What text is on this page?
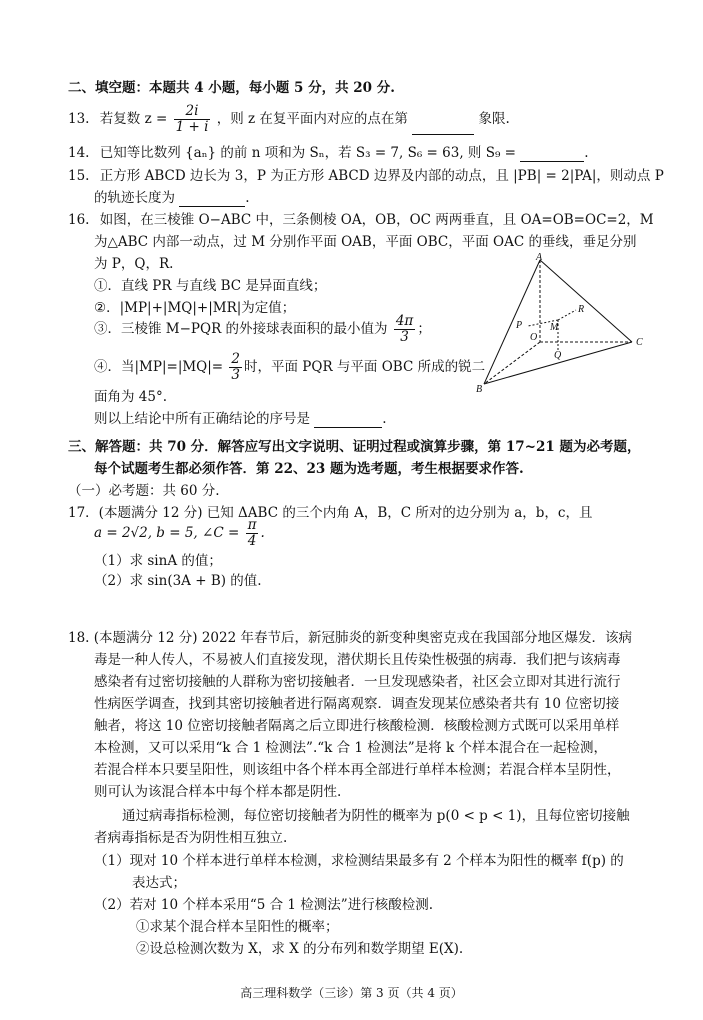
二、填空题：本题共 4 小题，每小题 5 分，共 20 分.
13. 若复数 $z = \frac{2i}{1 + i}$ ，则 z 在复平面内对应的点在第	象限.
14. 已知等比数列 {aₙ} 的前 n 项和为 Sₙ，若 S₃ = 7, S₆ = 63, 则 S₉ =	.
15. 正方形 ABCD 边长为 3，P 为正方形 ABCD 边界及内部的动点，且 |PB| = 2|PA|，则动点 P
的轨迹长度为	.
16. 如图，在三棱锥 O−ABC 中，三条侧棱 OA，OB，OC 两两垂直，且 OA=OB=OC=2，M
为△ABC 内部一动点，过 M 分别作平面 OAB，平面 OBC，平面 OAC 的垂线，垂足分别
为 P，Q，R.
①．直线 PR 与直线 BC 是异面直线；
②．|MP|+|MQ|+|MR|为定值；
③．三棱锥 M−PQR 的外接球表面积的最小值为 $\frac{4\pi}{3}$ ；
④．当$|MP|=|MQ|= \frac{2}{3}$ 时，平面 PQR 与平面 OBC 所成的锐二
面角为 45°.
则以上结论中所有正确结论的序号是	.
A
B
C
O
P
Q
R
M
三、解答题：共 70 分．解答应写出文字说明、证明过程或演算步骤，第 17~21 题为必考题，
每个试题考生都必须作答．第 22、23 题为选考题，考生根据要求作答.
（一）必考题：共 60 分.
17．(本题满分 12 分) 已知 ΔABC 的三个内角 A，B，C 所对的边分别为 a，b，c，且
a = 2√2, b = 5, ∠C = $\frac{\pi}{4}$ .
（1）求 sinA 的值；
（2）求 sin(3A + B) 的值.
18. (本题满分 12 分) 2022 年春节后，新冠肺炎的新变种奥密克戎在我国部分地区爆发．该病
毒是一种人传人，不易被人们直接发现，潜伏期长且传染性极强的病毒．我们把与该病毒
感染者有过密切接触的人群称为密切接触者．一旦发现感染者，社区会立即对其进行流行
性病医学调查，找到其密切接触者进行隔离观察．调查发现某位感染者共有 10 位密切接
触者，将这 10 位密切接触者隔离之后立即进行核酸检测．核酸检测方式既可以采用单样
本检测，又可以采用“k 合 1 检测法”.“k 合 1 检测法”是将 k 个样本混合在一起检测，
若混合样本只要呈阳性，则该组中各个样本再全部进行单样本检测；若混合样本呈阴性，
则可认为该混合样本中每个样本都是阴性.
通过病毒指标检测，每位密切接触者为阴性的概率为 p(0 < p < 1)，且每位密切接触
者病毒指标是否为阴性相互独立.
（1）现对 10 个样本进行单样本检测，求检测结果最多有 2 个样本为阳性的概率 f(p) 的
表达式；
（2）若对 10 个样本采用“5 合 1 检测法”进行核酸检测.
①求某个混合样本呈阳性的概率；
②设总检测次数为 X，求 X 的分布列和数学期望 E(X).
高三理科数学（三诊）第 3 页（共 4 页）
